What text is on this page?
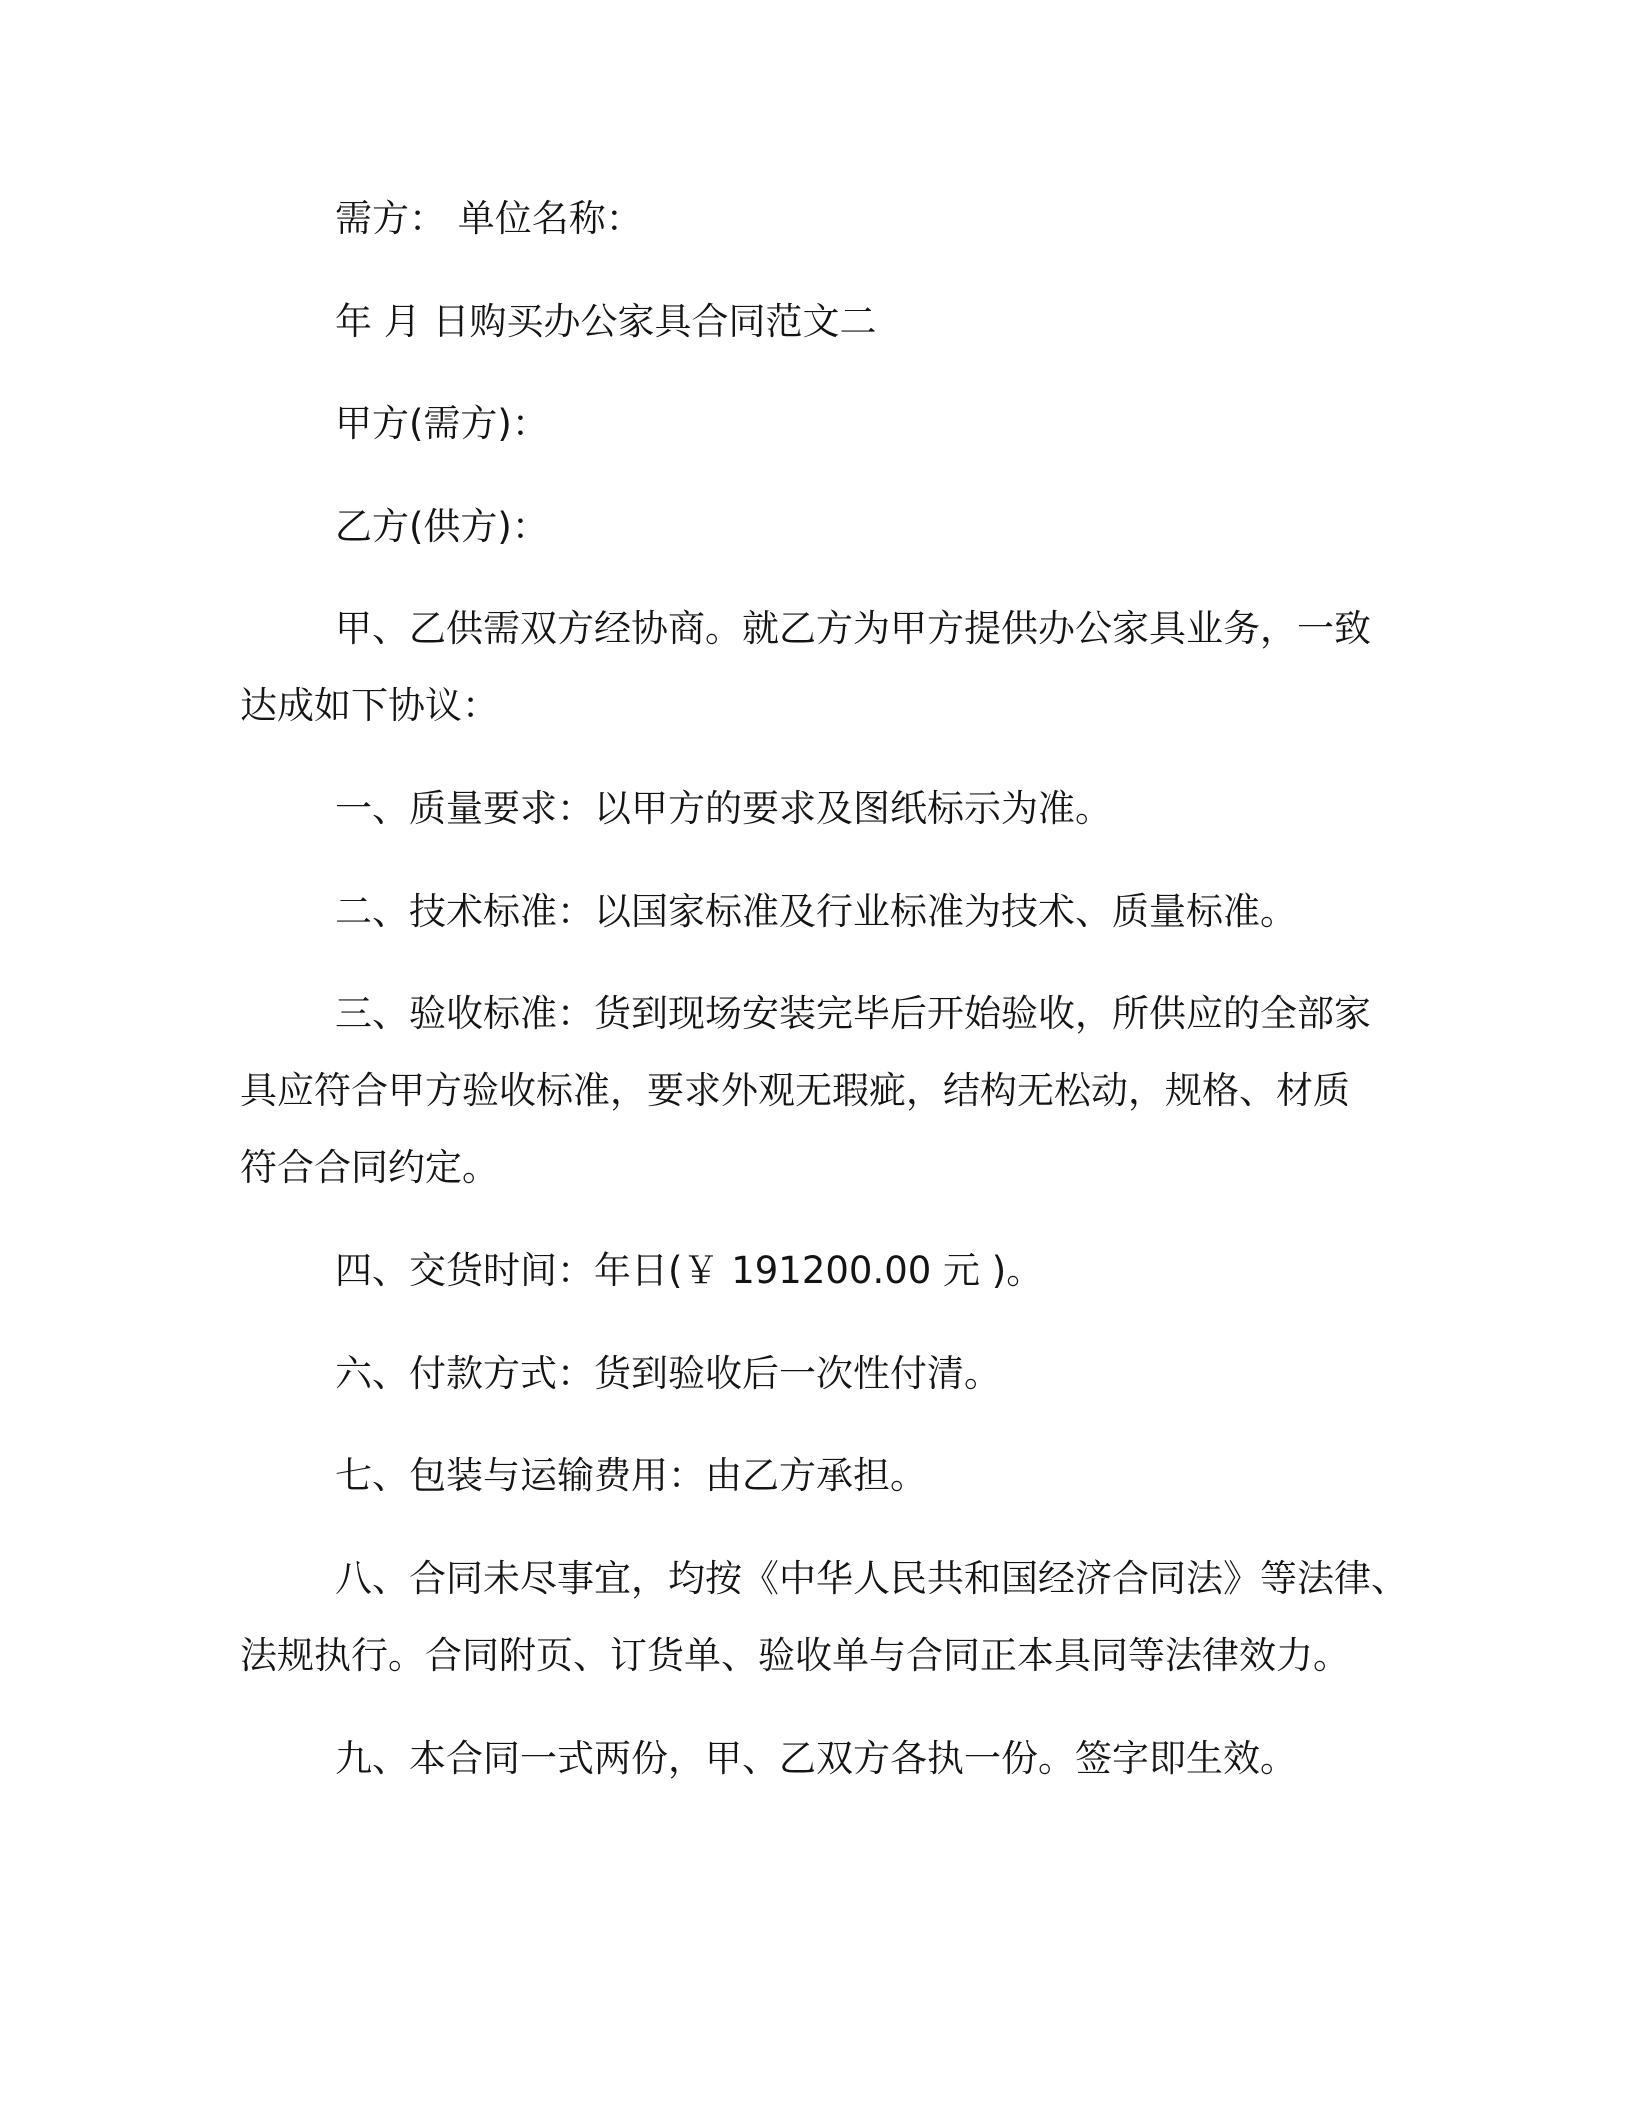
需方： 单位名称：
年 月 日购买办公家具合同范文二
甲方(需方)：
乙方(供方)：
甲、乙供需双方经协商。就乙方为甲方提供办公家具业务，一致
达成如下协议：
一、质量要求：以甲方的要求及图纸标示为准。
二、技术标准：以国家标准及行业标准为技术、质量标准。
三、验收标准：货到现场安装完毕后开始验收，所供应的全部家
具应符合甲方验收标准，要求外观无瑕疵，结构无松动，规格、材质
符合合同约定。
四、交货时间：年日(￥ 191200.00 元 )。
六、付款方式：货到验收后一次性付清。
七、包装与运输费用：由乙方承担。
八、合同未尽事宜，均按《中华人民共和国经济合同法》等法律、
法规执行。合同附页、订货单、验收单与合同正本具同等法律效力。
九、本合同一式两份，甲、乙双方各执一份。签字即生效。
